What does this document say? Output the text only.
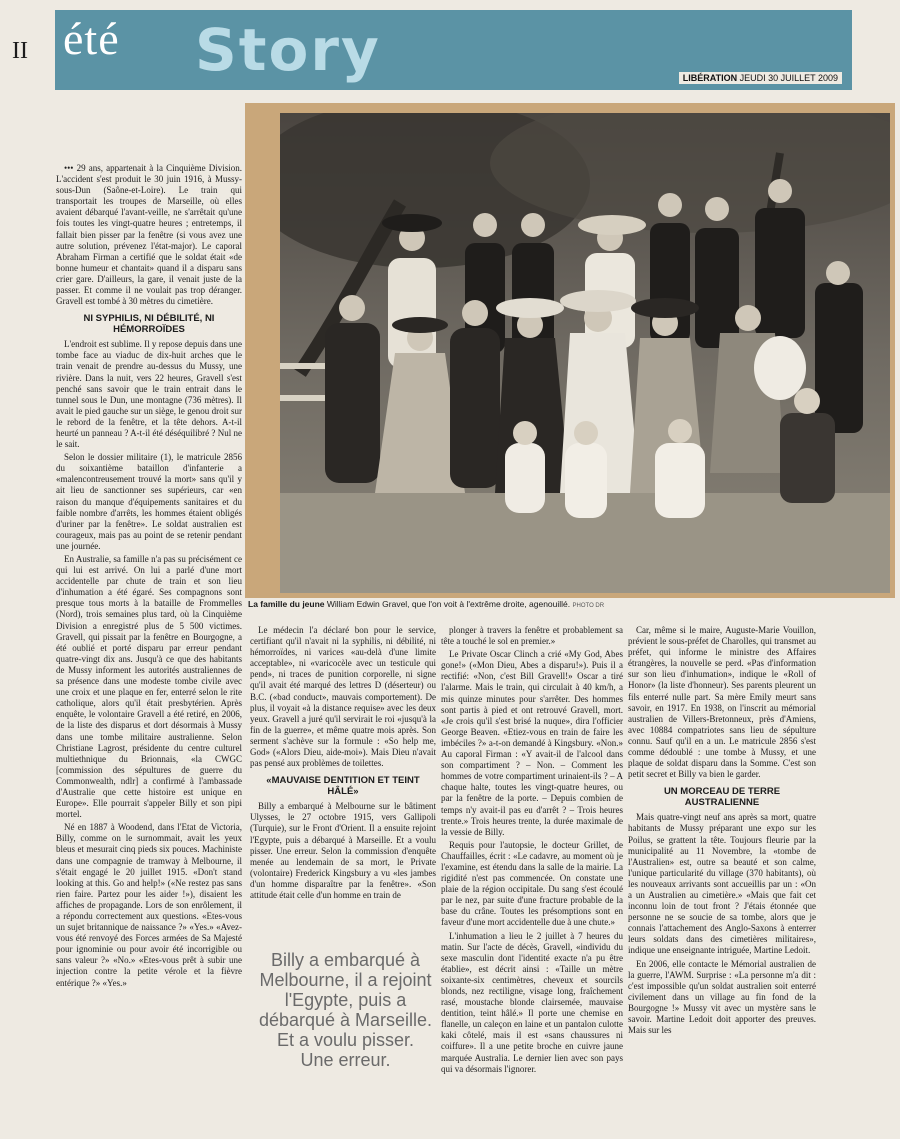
II été Story	LIBÉRATION JEUDI 30 JUILLET 2009
La famille du jeune William Edwin Gravel, que l'on voit à l'extrême droite, agenouillé. PHOTO DR

••• 29 ans, appartenait à la Cinquième Division. L'accident s'est produit le 30 juin 1916, à Mussy-sous-Dun (Saône-et-Loire). Le train qui transportait les troupes de Marseille, où elles avaient débarqué l'avant-veille, ne s'arrêtait qu'une fois toutes les vingt-quatre heures ; entretemps, il fallait bien pisser par la fenêtre (si vous avez une autre solution, prévenez l'état-major). Le caporal Abraham Firman a certifié que le soldat était «de bonne humeur et chantait» quand il a disparu sans crier gare. D'ailleurs, la gare, il venait juste de la passer. Et comme il ne voulait pas trop déranger. Gravell est tombé à 30 mètres du cimetière.

NI SYPHILIS, NI DÉBILITÉ, NI HÉMORROÏDES

L'endroit est sublime. Il y repose depuis dans une tombe face au viaduc de dix-huit arches que le train venait de prendre au-dessus du Mussy, une rivière. Dans la nuit, vers 22 heures, Gravell s'est penché sans savoir que le train entrait dans le tunnel sous le Dun, une montagne (736 mètres). Il avait le pied gauche sur un siège, le genou droit sur le rebord de la fenêtre, et la tête dehors. A-t-il heurté un panneau ? A-t-il été déséquilibré ? Nul ne le sait.

Selon le dossier militaire (1), le matricule 2856 du soixantième bataillon d'infanterie a «malencontreusement trouvé la mort» sans qu'il y ait lieu de sanctionner ses supérieurs, car «en raison du manque d'équipements sanitaires et du faible nombre d'arrêts, les hommes étaient obligés d'uriner par la fenêtre». Le soldat australien est courageux, mais pas au point de se retenir pendant une journée.

En Australie, sa famille n'a pas su précisément ce qui lui est arrivé. On lui a parlé d'une mort accidentelle par chute de train et son lieu d'inhumation a été égaré. Ses compagnons sont presque tous morts à la bataille de Frommelles (Nord), trois semaines plus tard, où la Cinquième Division a enregistré plus de 5 500 victimes. Gravell, qui pissait par la fenêtre en Bourgogne, a été oublié et porté disparu par erreur pendant quatre-vingt dix ans. Jusqu'à ce que des habitants de Mussy informent les autorités australiennes de sa présence dans une modeste tombe civile avec une croix et une plaque en fer, enterré selon le rite catholique, alors qu'il était presbytérien. Après enquête, le volontaire Gravell a été retiré, en 2006, de la liste des disparus et dort désormais à Mussy dans une tombe militaire australienne. Selon Christiane Lagrost, présidente du centre culturel multiethnique du Brionnais, «la CWGC [commission des sépultures de guerre du Commonwealth, ndlr] a confirmé à l'ambassade d'Australie que cette histoire est unique en Europe». Elle pourrait s'appeler Billy et son pipi mortel.

Né en 1887 à Woodend, dans l'Etat de Victoria, Billy, comme on le surnommait, avait les yeux bleus et mesurait cinq pieds six pouces. Machiniste dans une compagnie de tramway à Melbourne, il s'était engagé le 20 juillet 1915. «Don't stand looking at this. Go and help!» («Ne restez pas sans rien faire. Partez pour les aider !»), disaient les affiches de propagande. Lors de son enrôlement, il a répondu correctement aux questions. «Etes-vous un sujet britannique de naissance ?» «Yes.» «Avez-vous été renvoyé des Forces armées de Sa Majesté pour ignominie ou pour avoir été incorrigible ou sans valeur ?» «No.» «Etes-vous prêt à subir une injection contre la petite vérole et la fièvre entérique ?» «Yes.»

Le médecin l'a déclaré bon pour le service, certifiant qu'il n'avait ni la syphilis, ni débilité, ni hémorroïdes, ni varices «au-delà d'une limite acceptable», ni «varicocèle avec un testicule qui pend», ni traces de punition corporelle, ni signe qu'il avait été marqué des lettres D (déserteur) ou B.C. («bad conduct», mauvais comportement). De plus, il voyait «à la distance requise» avec les deux yeux. Gravell a juré qu'il servirait le roi «jusqu'à la fin de la guerre», et même quatre mois après. Son serment s'achève sur la formule : «So help me, God» («Alors Dieu, aide-moi»). Mais Dieu n'avait pas pensé aux problèmes de toilettes.

«MAUVAISE DENTITION ET TEINT HÂLÉ»

Billy a embarqué à Melbourne sur le bâtiment Ulysses, le 27 octobre 1915, vers Gallipoli (Turquie), sur le Front d'Orient. Il a ensuite rejoint l'Egypte, puis a débarqué à Marseille. Et a voulu pisser. Une erreur. Selon la commission d'enquête menée au lendemain de sa mort, le Private (volontaire) Frederick Kingsbury a vu «les jambes d'un homme disparaître par la fenêtre». «Son attitude était celle d'un homme en train de

Billy a embarqué à Melbourne, il a rejoint l'Egypte, puis a débarqué à Marseille. Et a voulu pisser. Une erreur.

plonger à travers la fenêtre et probablement sa tête a touché le sol en premier.»

Le Private Oscar Clinch a crié «My God, Abes gone!» («Mon Dieu, Abes a disparu!»). Puis il a rectifié: «Non, c'est Bill Gravell!» Oscar a tiré l'alarme. Mais le train, qui circulait à 40 km/h, a mis quinze minutes pour s'arrêter. Des hommes sont partis à pied et ont retrouvé Gravell, mort. «Je crois qu'il s'est brisé la nuque», dira l'officier George Beaven. «Etiez-vous en train de faire les imbéciles ?» a-t-on demandé à Kingsbury. «Non.» Au caporal Firman : «Y avait-il de l'alcool dans son compartiment ? – Non. – Comment les hommes de votre compartiment urinaient-ils ? – A chaque halte, toutes les vingt-quatre heures, ou par la fenêtre de la porte. – Depuis combien de temps n'y avait-il pas eu d'arrêt ? – Trois heures trente.» Trois heures trente, la durée maximale de la vessie de Billy.

Requis pour l'autopsie, le docteur Grillet, de Chauffailles, écrit : «Le cadavre, au moment où je l'examine, est étendu dans la salle de la mairie. La rigidité n'est pas commencée. On constate une plaie de la région occipitale. Du sang s'est écoulé par le nez, par suite d'une fracture probable de la base du crâne. Toutes les présomptions sont en faveur d'une mort accidentelle due à une chute.»

L'inhumation a lieu le 2 juillet à 7 heures du matin. Sur l'acte de décès, Gravell, «individu du sexe masculin dont l'identité exacte n'a pu être établie», est décrit ainsi : «Taille un mètre soixante-six centimètres, cheveux et sourcils blonds, nez rectiligne, visage long, fraîchement rasé, moustache blonde clairsemée, mauvaise dentition, teint hâlé.» Il porte une chemise en flanelle, un caleçon en laine et un pantalon culotte kaki côtelé, mais il est «sans chaussures ni coiffure». Il a une petite broche en cuivre jaune marquée Australia. Le dernier lien avec son pays qui va désormais l'ignorer.

Car, même si le maire, Auguste-Marie Vouillon, prévient le sous-préfet de Charolles, qui transmet au préfet, qui informe le ministre des Affaires étrangères, la nouvelle se perd. «Pas d'information sur son lieu d'inhumation», indique le «Roll of Honor» (la liste d'honneur). Ses parents pleurent un fils enterré nulle part. Sa mère Emily meurt sans savoir, en 1917. En 1938, on l'inscrit au mémorial australien de Villers-Bretonneux, près d'Amiens, avec 10884 compatriotes sans lieu de sépulture connu. Sauf qu'il en a un. Le matricule 2856 s'est comme dédoublé : une tombe à Mussy, et une plaque de soldat disparu dans la Somme. C'est son petit secret et Billy va bien le garder.

UN MORCEAU DE TERRE AUSTRALIENNE

Mais quatre-vingt neuf ans après sa mort, quatre habitants de Mussy préparant une expo sur les Poilus, se grattent la tête. Toujours fleurie par la municipalité au 11 Novembre, la «tombe de l'Australien» est, outre sa beauté et son calme, l'unique particularité du village (370 habitants), où les nouveaux arrivants sont accueillis par un : «On a un Australien au cimetière.» «Mais que fait cet inconnu loin de tout front ? J'étais étonnée que personne ne se soucie de sa tombe, alors que je connais l'attachement des Anglo-Saxons à enterrer leurs soldats dans des cimetières militaires», indique une enseignante intriguée, Martine Ledoit.

En 2006, elle contacte le Mémorial australien de la guerre, l'AWM. Surprise : «La personne m'a dit : c'est impossible qu'un soldat australien soit enterré civilement dans un village au fin fond de la Bourgogne !» Mussy vit avec un mystère sans le savoir. Martine Ledoit doit apporter des preuves. Mais sur les
